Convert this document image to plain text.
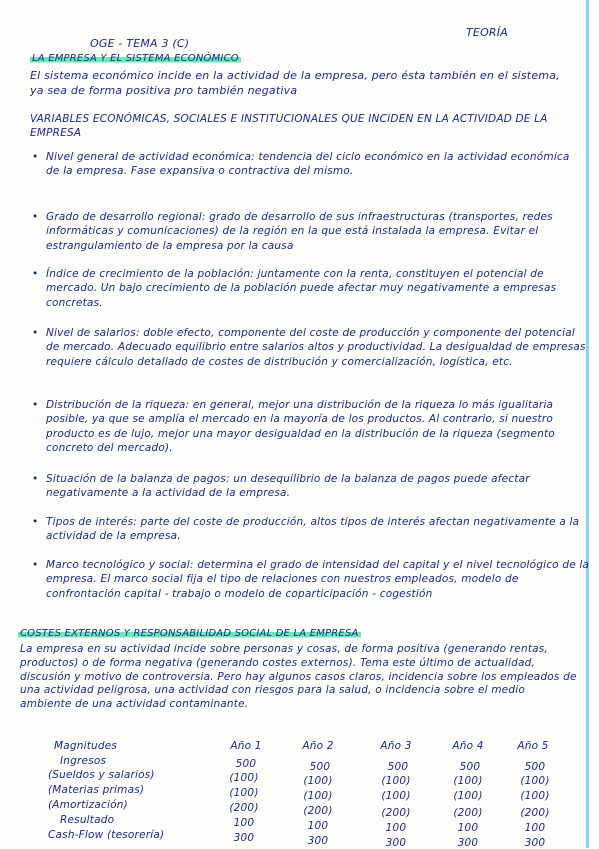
OGE - TEMA 3 (C)
TEORÍA
LA EMPRESA Y EL SISTEMA ECONÓMICO
El sistema económico incide en la actividad de la empresa, pero ésta también en el sistema, ya sea de forma positiva pro también negativa
VARIABLES ECONÓMICAS, SOCIALES E INSTITUCIONALES QUE INCIDEN EN LA ACTIVIDAD DE LA EMPRESA
• Nivel general de actividad económica: tendencia del ciclo económico en la actividad económica de la empresa. Fase expansiva o contractiva del mismo.
• Grado de desarrollo regional: grado de desarrollo de sus infraestructuras (transportes, redes informáticas y comunicaciones) de la región en la que está instalada la empresa. Evitar el estrangulamiento de la empresa por la causa
• Índice de crecimiento de la población: juntamente con la renta, constituyen el potencial de mercado. Un bajo crecimiento de la población puede afectar muy negativamente a empresas concretas.
• Nivel de salarios: doble efecto, componente del coste de producción y componente del potencial de mercado. Adecuado equilibrio entre salarios altos y productividad. La desigualdad de empresas requiere cálculo detallado de costes de distribución y comercialización, logística, etc.
• Distribución de la riqueza: en general, mejor una distribución de la riqueza lo más igualitaria posible, ya que se amplía el mercado en la mayoría de los productos. Al contrario, si nuestro producto es de lujo, mejor una mayor desigualdad en la distribución de la riqueza (segmento concreto del mercado).
• Situación de la balanza de pagos: un desequilibrio de la balanza de pagos puede afectar negativamente a la actividad de la empresa.
• Tipos de interés: parte del coste de producción, altos tipos de interés afectan negativamente a la actividad de la empresa.
• Marco tecnológico y social: determina el grado de intensidad del capital y el nivel tecnológico de la empresa. El marco social fija el tipo de relaciones con nuestros empleados, modelo de confrontación capital - trabajo o modelo de coparticipación - cogestión
COSTES EXTERNOS Y RESPONSABILIDAD SOCIAL DE LA EMPRESA
La empresa en su actividad incide sobre personas y cosas, de forma positiva (generando rentas, productos) o de forma negativa (generando costes externos). Tema este último de actualidad, discusión y motivo de controversia. Pero hay algunos casos claros, incidencia sobre los empleados de una actividad peligrosa, una actividad con riesgos para la salud, o incidencia sobre el medio ambiente de una actividad contaminante.
Magnitudes	Año 1	Año 2	Año 3	Año 4	Año 5
Ingresos	500	500	500	500	500
(Sueldos y salarios)	(100)	(100)	(100)	(100)	(100)
(Materias primas)	(100)	(100)	(100)	(100)	(100)
(Amortización)	(200)	(200)	(200)	(200)	(200)
Resultado	100	100	100	100	100
Cash-Flow (tesorería)	300	300	300	300	300
